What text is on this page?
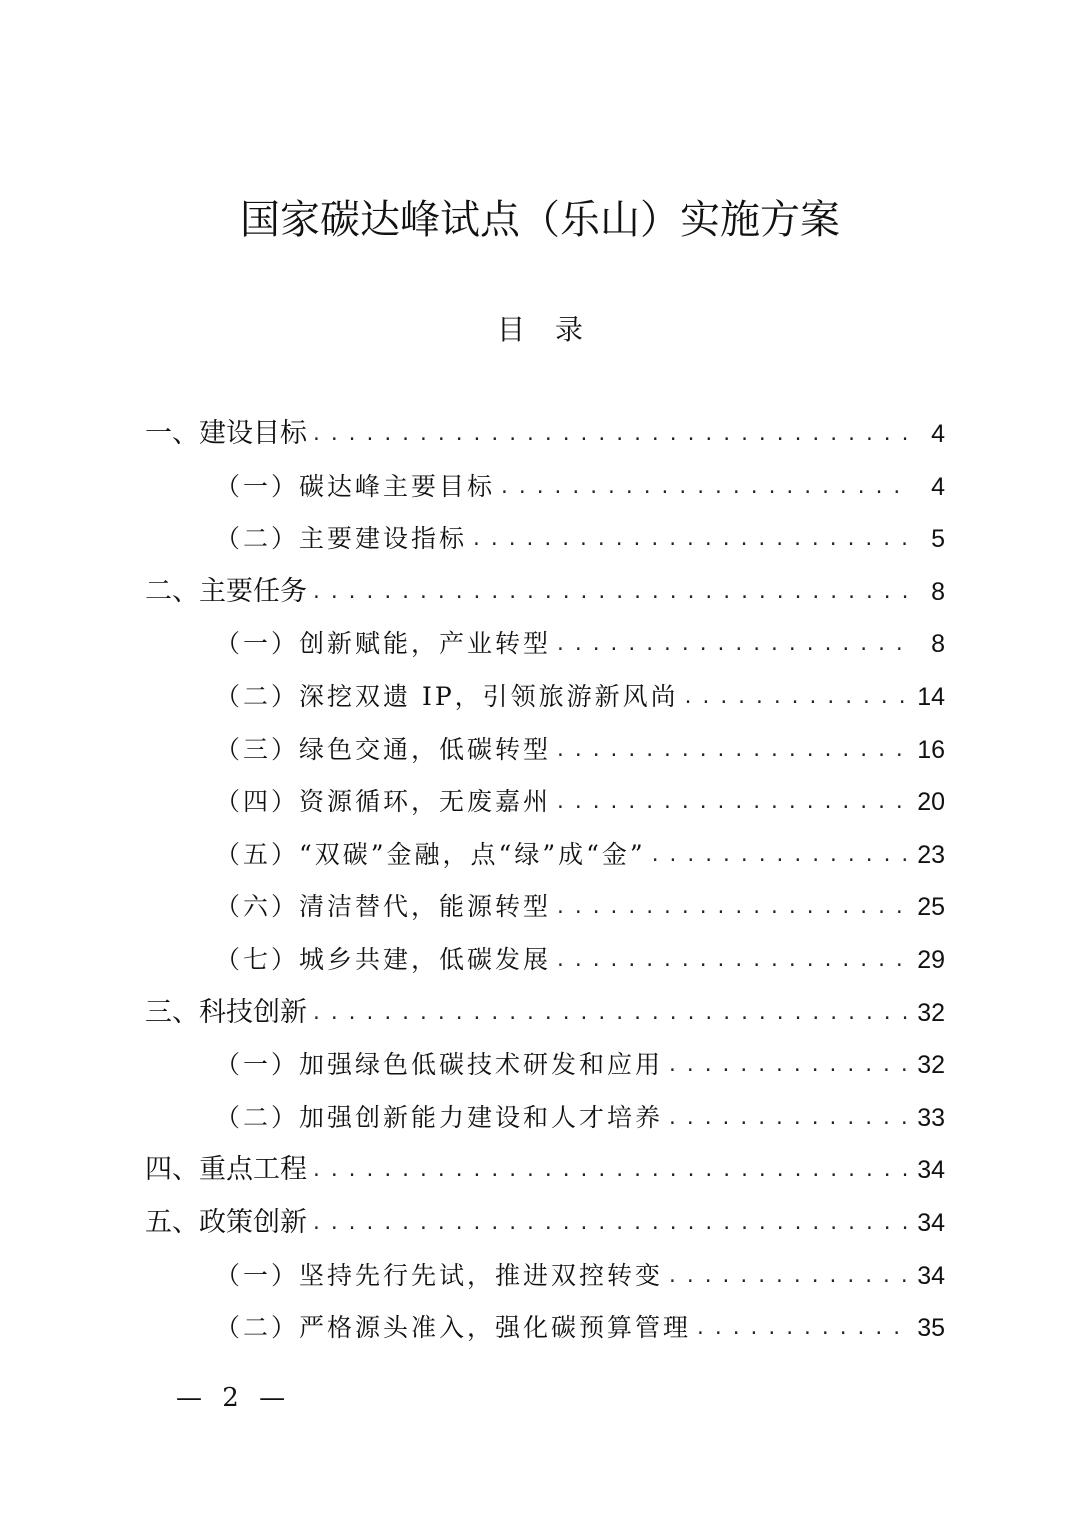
国家碳达峰试点（乐山）实施方案
目 录
一、建设目标 .....	4
（一）碳达峰主要目标 .....	4
（二）主要建设指标 .....	5
二、主要任务 .....	8
（一）创新赋能，产业转型 .....	8
（二）深挖双遗 IP，引领旅游新风尚 .....	14
（三）绿色交通，低碳转型 .....	16
（四）资源循环，无废嘉州 .....	20
（五）“双碳”金融，点“绿”成“金” .....	23
（六）清洁替代，能源转型 .....	25
（七）城乡共建，低碳发展 .....	29
三、科技创新 .....	32
（一）加强绿色低碳技术研发和应用 .....	32
（二）加强创新能力建设和人才培养 .....	33
四、重点工程 .....	34
五、政策创新 .....	34
（一）坚持先行先试，推进双控转变 .....	34
（二）严格源头准入，强化碳预算管理 .....	35

— 2 —
